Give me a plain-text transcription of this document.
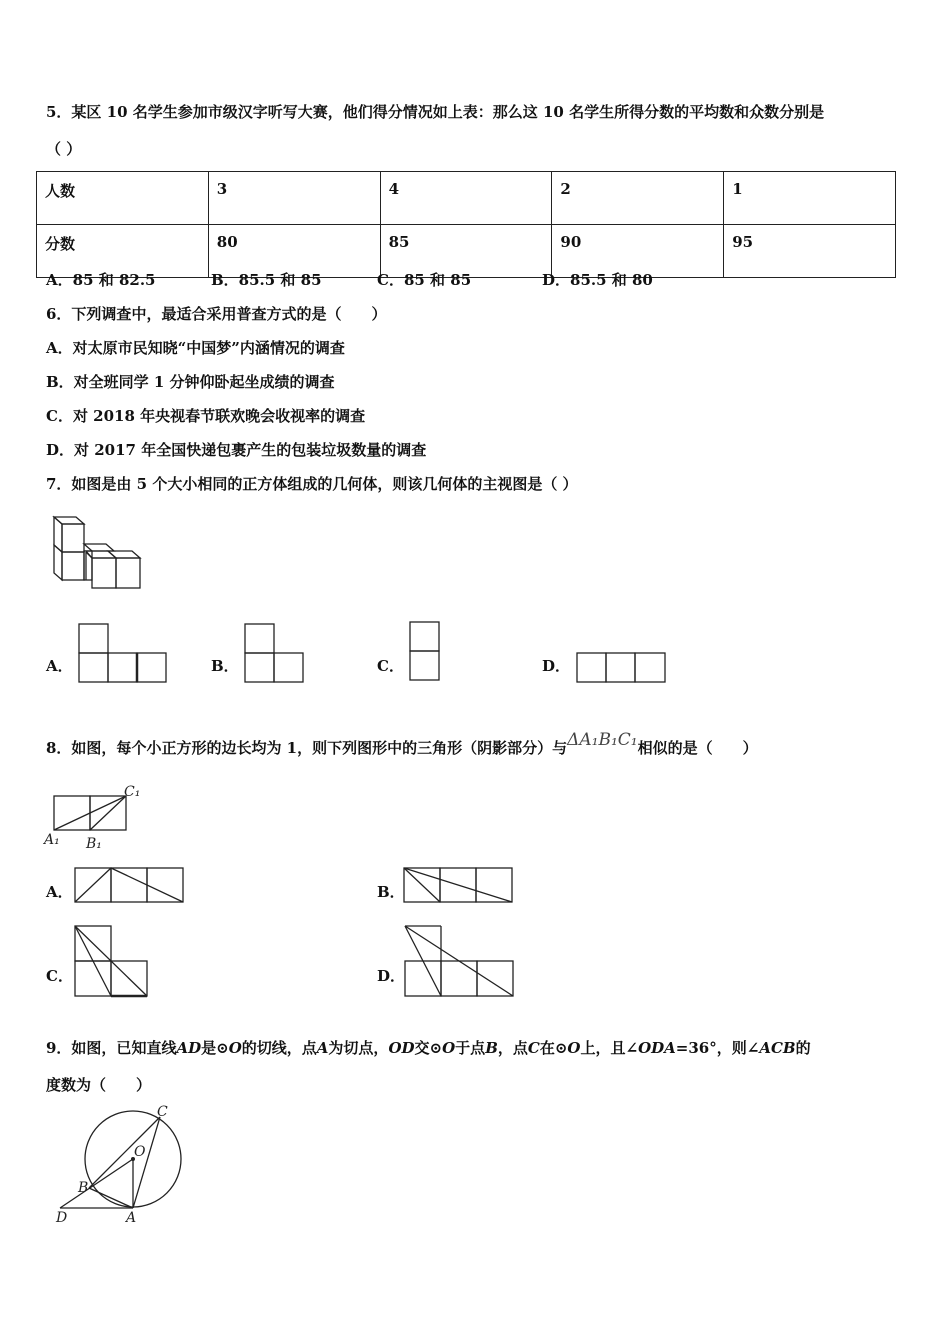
5．某区 10 名学生参加市级汉字听写大赛，他们得分情况如上表：那么这 10 名学生所得分数的平均数和众数分别是
（ ）
人数	3	4	2	1
分数	80	85	90	95
A．85 和 82.5	B．85.5 和 85	C．85 和 85	D．85.5 和 80
6．下列调查中，最适合采用普查方式的是（　　）
A．对太原市民知晓“中国梦”内涵情况的调查
B．对全班同学 1 分钟仰卧起坐成绩的调查
C．对 2018 年央视春节联欢晚会收视率的调查
D．对 2017 年全国快递包裹产生的包装垃圾数量的调查
7．如图是由 5 个大小相同的正方体组成的几何体，则该几何体的主视图是（ ）
A．	B．	C．	D．
8．如图，每个小正方形的边长均为 1，则下列图形中的三角形（阴影部分）与ΔA₁B₁C₁相似的是（　　）
C₁
A₁ B₁
A．	B．
C．	D．
9．如图，已知直线AD是⊙O的切线，点A为切点，OD交⊙O于点B，点C在⊙O上，且∠ODA=36°，则∠ACB的
度数为（　　）
C
O
B
D	A
